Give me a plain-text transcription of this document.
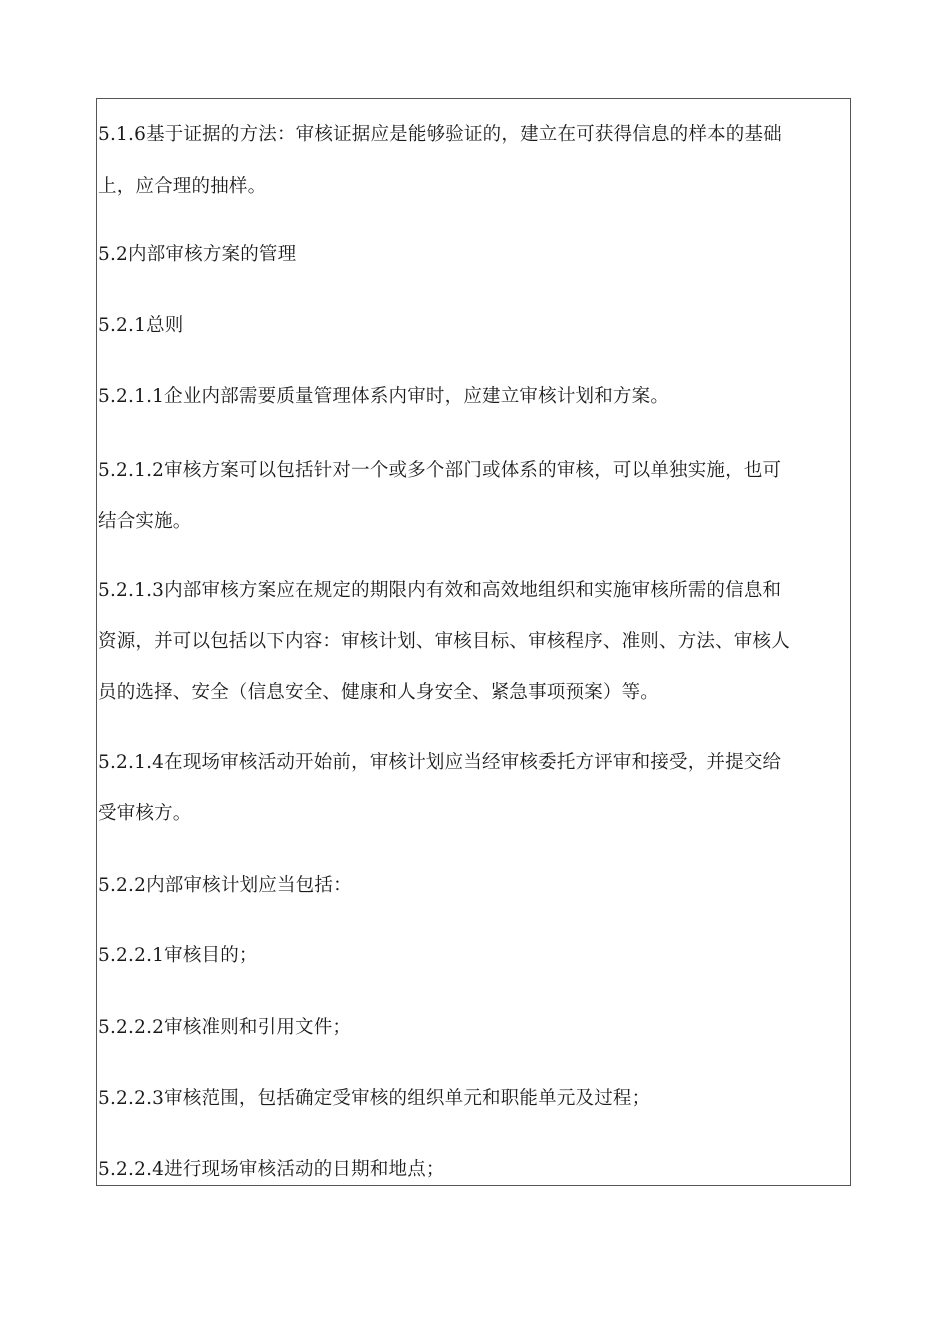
5.1.6基于证据的方法：审核证据应是能够验证的，建立在可获得信息的样本的基础
上，应合理的抽样。
5.2内部审核方案的管理
5.2.1总则
5.2.1.1企业内部需要质量管理体系内审时，应建立审核计划和方案。
5.2.1.2审核方案可以包括针对一个或多个部门或体系的审核，可以单独实施，也可
结合实施。
5.2.1.3内部审核方案应在规定的期限内有效和高效地组织和实施审核所需的信息和
资源，并可以包括以下内容：审核计划、审核目标、审核程序、准则、方法、审核人
员的选择、安全（信息安全、健康和人身安全、紧急事项预案）等。
5.2.1.4在现场审核活动开始前，审核计划应当经审核委托方评审和接受，并提交给
受审核方。
5.2.2内部审核计划应当包括：
5.2.2.1审核目的；
5.2.2.2审核准则和引用文件；
5.2.2.3审核范围，包括确定受审核的组织单元和职能单元及过程；
5.2.2.4进行现场审核活动的日期和地点；
